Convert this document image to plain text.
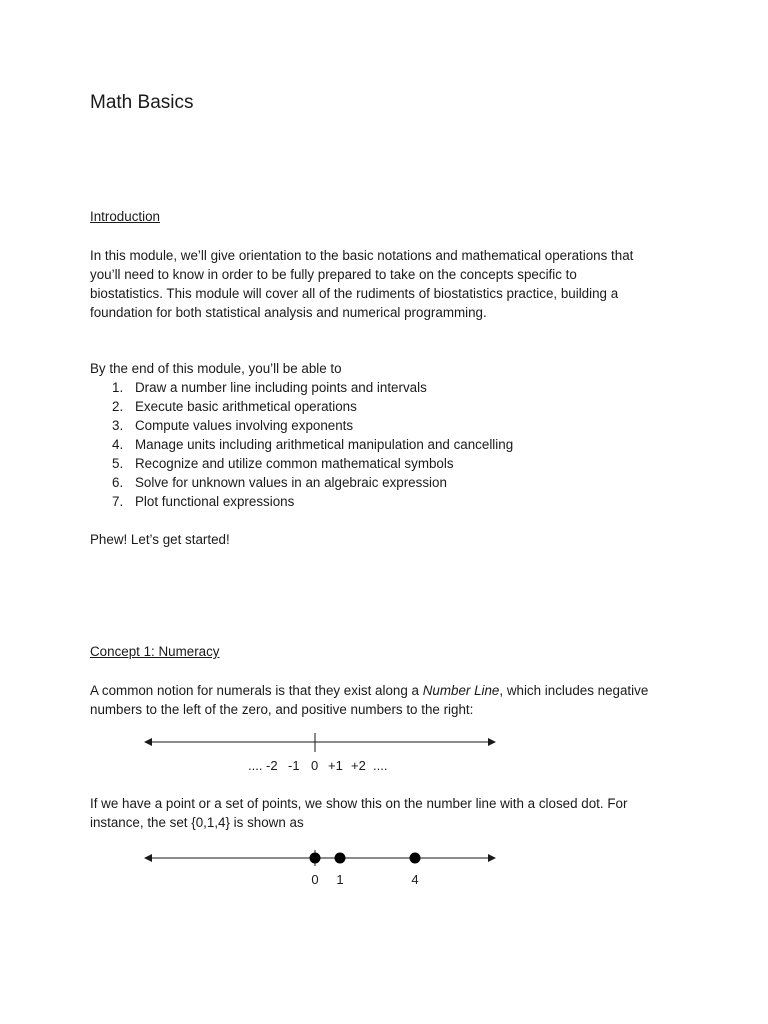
Math Basics

Introduction

In this module, we’ll give orientation to the basic notations and mathematical operations that
you’ll need to know in order to be fully prepared to take on the concepts specific to
biostatistics. This module will cover all of the rudiments of biostatistics practice, building a
foundation for both statistical analysis and numerical programming.

By the end of this module, you’ll be able to

1. Draw a number line including points and intervals
2. Execute basic arithmetical operations
3. Compute values involving exponents
4. Manage units including arithmetical manipulation and cancelling
5. Recognize and utilize common mathematical symbols
6. Solve for unknown values in an algebraic expression
7. Plot functional expressions

Phew! Let’s get started!

Concept 1: Numeracy

A common notion for numerals is that they exist along a Number Line, which includes negative
numbers to the left of the zero, and positive numbers to the right:
.... -2 -1 0 +1 +2 ....
If we have a point or a set of points, we show this on the number line with a closed dot. For
instance, the set {0,1,4} is shown as
0 1	4
